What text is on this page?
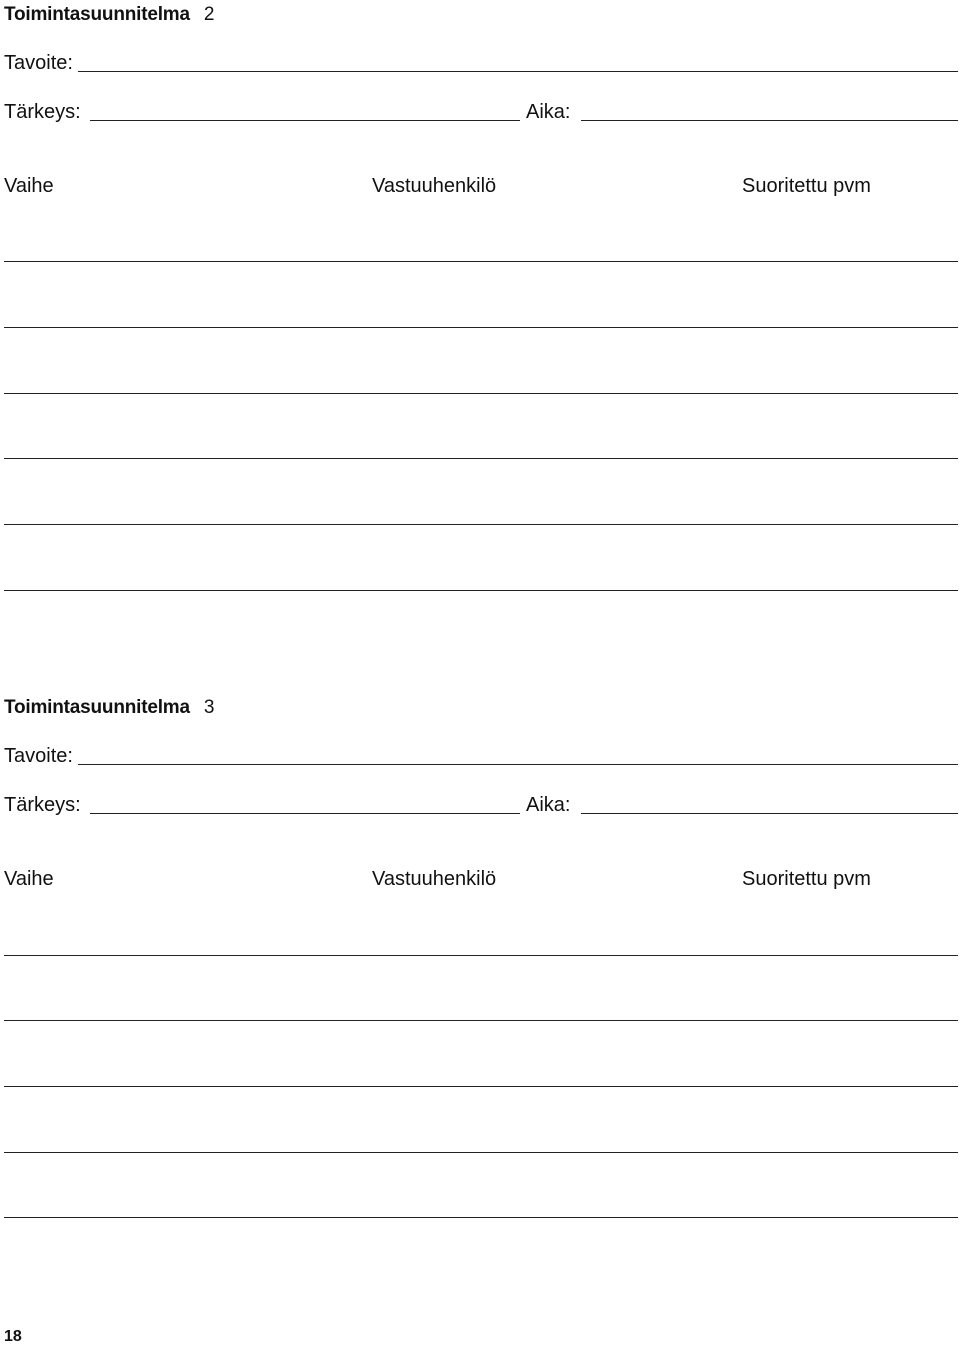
Toimintasuunnitelma 2
Tavoite:
Tärkeys:	Aika:
Vaihe	Vastuuhenkilö	Suoritettu pvm
Toimintasuunnitelma 3
Tavoite:
Tärkeys:	Aika:
Vaihe	Vastuuhenkilö	Suoritettu pvm
18
